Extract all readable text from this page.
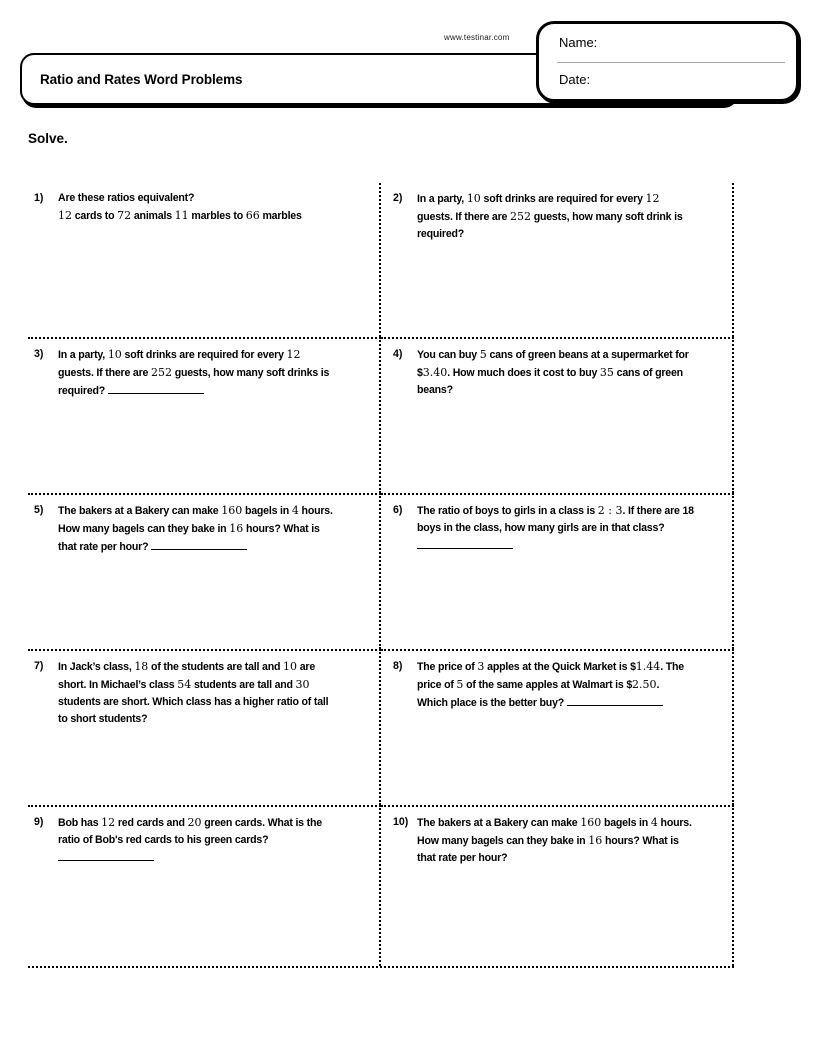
www.testinar.com
Ratio and Rates Word Problems
Name:
Date:
Solve.
1)	Are these ratios equivalent?
12 cards to 72 animals 11 marbles to 66 marbles
2)	In a party, 10 soft drinks are required for every 12
guests. If there are 252 guests, how many soft drink is
required?
3)	In a party, 10 soft drinks are required for every 12
guests. If there are 252 guests, how many soft drinks is
required?
4)	You can buy 5 cans of green beans at a supermarket for
$3.40. How much does it cost to buy 35 cans of green
beans?
5)	The bakers at a Bakery can make 160 bagels in 4 hours.
How many bagels can they bake in 16 hours? What is
that rate per hour?
6)	The ratio of boys to girls in a class is 2 : 3. If there are 18
boys in the class, how many girls are in that class?

7)	In Jack’s class, 18 of the students are tall and 10 are
short. In Michael’s class 54 students are tall and 30
students are short. Which class has a higher ratio of tall
to short students?
8)	The price of 3 apples at the Quick Market is $1.44. The
price of 5 of the same apples at Walmart is $2.50.
Which place is the better buy?
9)	Bob has 12 red cards and 20 green cards. What is the
ratio of Bob's red cards to his green cards?

10) The bakers at a Bakery can make 160 bagels in 4 hours.
How many bagels can they bake in 16 hours? What is
that rate per hour?
